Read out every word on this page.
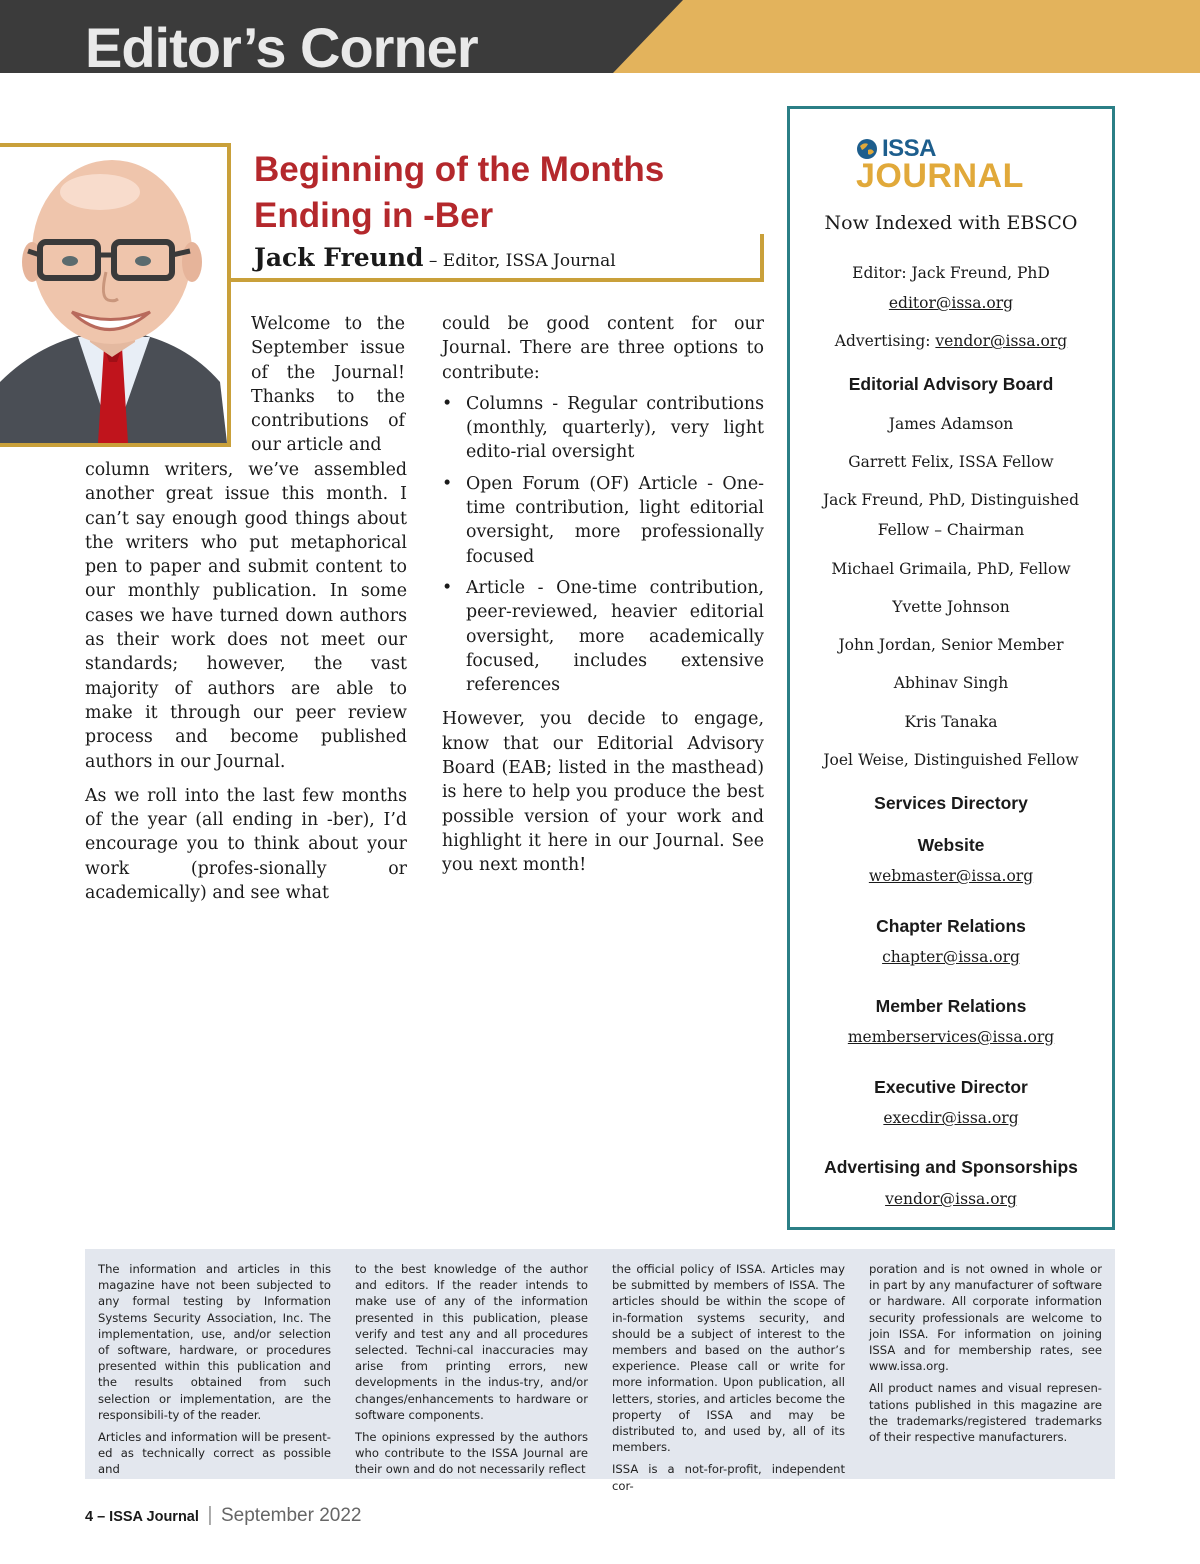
Editor’s Corner
Beginning of the Months
Ending in -Ber
Jack Freund – Editor, ISSA Journal

Welcome to the September issue of the Journal! Thanks to the contributions of our article and

column writers, we’ve assembled another great issue this month. I can’t say enough good things about the writers who put metaphorical pen to paper and submit content to our monthly publication. In some cases we have turned down authors as their work does not meet our standards; however, the vast majority of authors are able to make it through our peer review process and become published authors in our Journal.

As we roll into the last few months of the year (all ending in -ber), I’d encourage you to think about your work (profes-sionally or academically) and see what

could be good content for our Journal. There are three options to contribute:

• Columns - Regular contributions (monthly, quarterly), very light edito-rial oversight
• Open Forum (OF) Article - One-time contribution, light editorial oversight, more professionally focused
• Article - One-time contribution, peer-reviewed, heavier editorial oversight, more academically focused, includes extensive references

However, you decide to engage, know that our Editorial Advisory Board (EAB; listed in the masthead) is here to help you produce the best possible version of your work and highlight it here in our Journal. See you next month!

ISSA
JOURNAL
Now Indexed with EBSCO
Editor: Jack Freund, PhD
editor@issa.org
Advertising: vendor@issa.org
Editorial Advisory Board
James Adamson
Garrett Felix, ISSA Fellow
Jack Freund, PhD, Distinguished
Fellow – Chairman
Michael Grimaila, PhD, Fellow
Yvette Johnson
John Jordan, Senior Member
Abhinav Singh
Kris Tanaka
Joel Weise, Distinguished Fellow
Services Directory
Website
webmaster@issa.org
Chapter Relations
chapter@issa.org
Member Relations
memberservices@issa.org
Executive Director
execdir@issa.org
Advertising and Sponsorships
vendor@issa.org

The information and articles in this magazine have not been subjected to any formal testing by Information Systems Security Association, Inc. The implementation, use, and/or selection of software, hardware, or procedures presented within this publication and the results obtained from such selection or implementation, are the responsibili-ty of the reader.

Articles and information will be present-ed as technically correct as possible and

to the best knowledge of the author and editors. If the reader intends to make use of any of the information presented in this publication, please verify and test any and all procedures selected. Techni-cal inaccuracies may arise from printing errors, new developments in the indus-try, and/or changes/enhancements to hardware or software components.

The opinions expressed by the authors who contribute to the ISSA Journal are their own and do not necessarily reflect

the official policy of ISSA. Articles may be submitted by members of ISSA. The articles should be within the scope of in-formation systems security, and should be a subject of interest to the members and based on the author’s experience. Please call or write for more information. Upon publication, all letters, stories, and articles become the property of ISSA and may be distributed to, and used by, all of its members.

ISSA is a not-for-profit, independent cor-

poration and is not owned in whole or in part by any manufacturer of software or hardware. All corporate information security professionals are welcome to join ISSA. For information on joining ISSA and for membership rates, see www.issa.org.

All product names and visual represen-tations published in this magazine are the trademarks/registered trademarks of their respective manufacturers.

4 – ISSA Journal | September 2022
